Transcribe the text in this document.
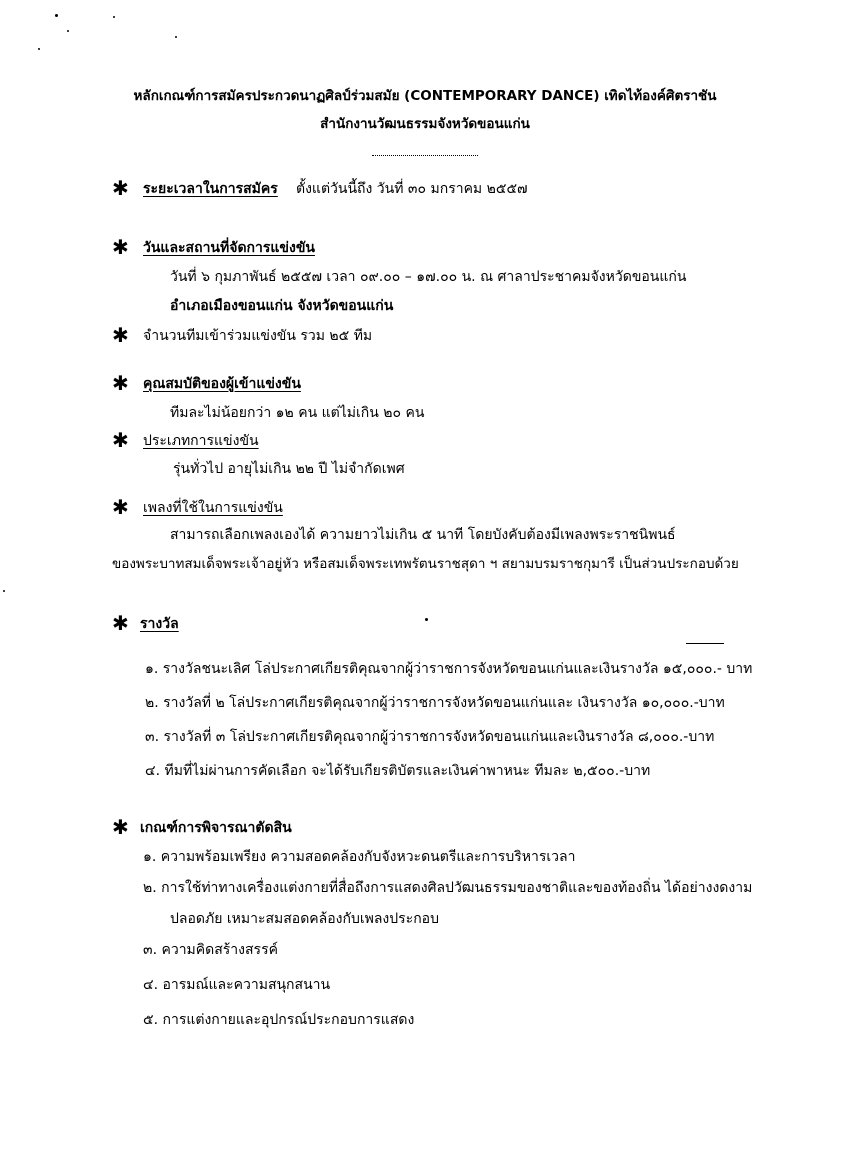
หลักเกณฑ์การสมัครประกวดนาฏศิลป์ร่วมสมัย (CONTEMPORARY DANCE) เทิดไท้องค์ศิตราชัน
สำนักงานวัฒนธรรมจังหวัดขอนแก่น
✱ ระยะเวลาในการสมัคร ตั้งแต่วันนี้ถึง วันที่ ๓๐ มกราคม ๒๕๕๗
✱ วันและสถานที่จัดการแข่งขัน
วันที่ ๖ กุมภาพันธ์ ๒๕๕๗ เวลา ๐๙.๐๐ – ๑๗.๐๐ น. ณ ศาลาประชาคมจังหวัดขอนแก่น
อำเภอเมืองขอนแก่น จังหวัดขอนแก่น
✱ จำนวนทีมเข้าร่วมแข่งขัน รวม ๒๕ ทีม
✱ คุณสมบัติของผู้เข้าแข่งขัน
ทีมละไม่น้อยกว่า ๑๒ คน แต่ไม่เกิน ๒๐ คน
✱ ประเภทการแข่งขัน
รุ่นทั่วไป อายุไม่เกิน ๒๒ ปี ไม่จำกัดเพศ
✱ เพลงที่ใช้ในการแข่งขัน
สามารถเลือกเพลงเองได้ ความยาวไม่เกิน ๕ นาที โดยบังคับต้องมีเพลงพระราชนิพนธ์
ของพระบาทสมเด็จพระเจ้าอยู่หัว หรือสมเด็จพระเทพรัตนราชสุดา ฯ สยามบรมราชกุมารี เป็นส่วนประกอบด้วย
✱ รางวัล
๑. รางวัลชนะเลิศ โล่ประกาศเกียรติคุณจากผู้ว่าราชการจังหวัดขอนแก่นและเงินรางวัล ๑๕,๐๐๐.- บาท
๒. รางวัลที่ ๒ โล่ประกาศเกียรติคุณจากผู้ว่าราชการจังหวัดขอนแก่นและ เงินรางวัล ๑๐,๐๐๐.-บาท
๓. รางวัลที่ ๓ โล่ประกาศเกียรติคุณจากผู้ว่าราชการจังหวัดขอนแก่นและเงินรางวัล ๘,๐๐๐.-บาท
๔. ทีมที่ไม่ผ่านการคัดเลือก จะได้รับเกียรติบัตรและเงินค่าพาหนะ ทีมละ ๒,๕๐๐.-บาท
✱ เกณฑ์การพิจารณาตัดสิน
๑. ความพร้อมเพรียง ความสอดคล้องกับจังหวะดนตรีและการบริหารเวลา
๒. การใช้ท่าทางเครื่องแต่งกายที่สื่อถึงการแสดงศิลปวัฒนธรรมของชาติและของท้องถิ่น ได้อย่างงดงาม
ปลอดภัย เหมาะสมสอดคล้องกับเพลงประกอบ
๓. ความคิดสร้างสรรค์
๔. อารมณ์และความสนุกสนาน
๕. การแต่งกายและอุปกรณ์ประกอบการแสดง
